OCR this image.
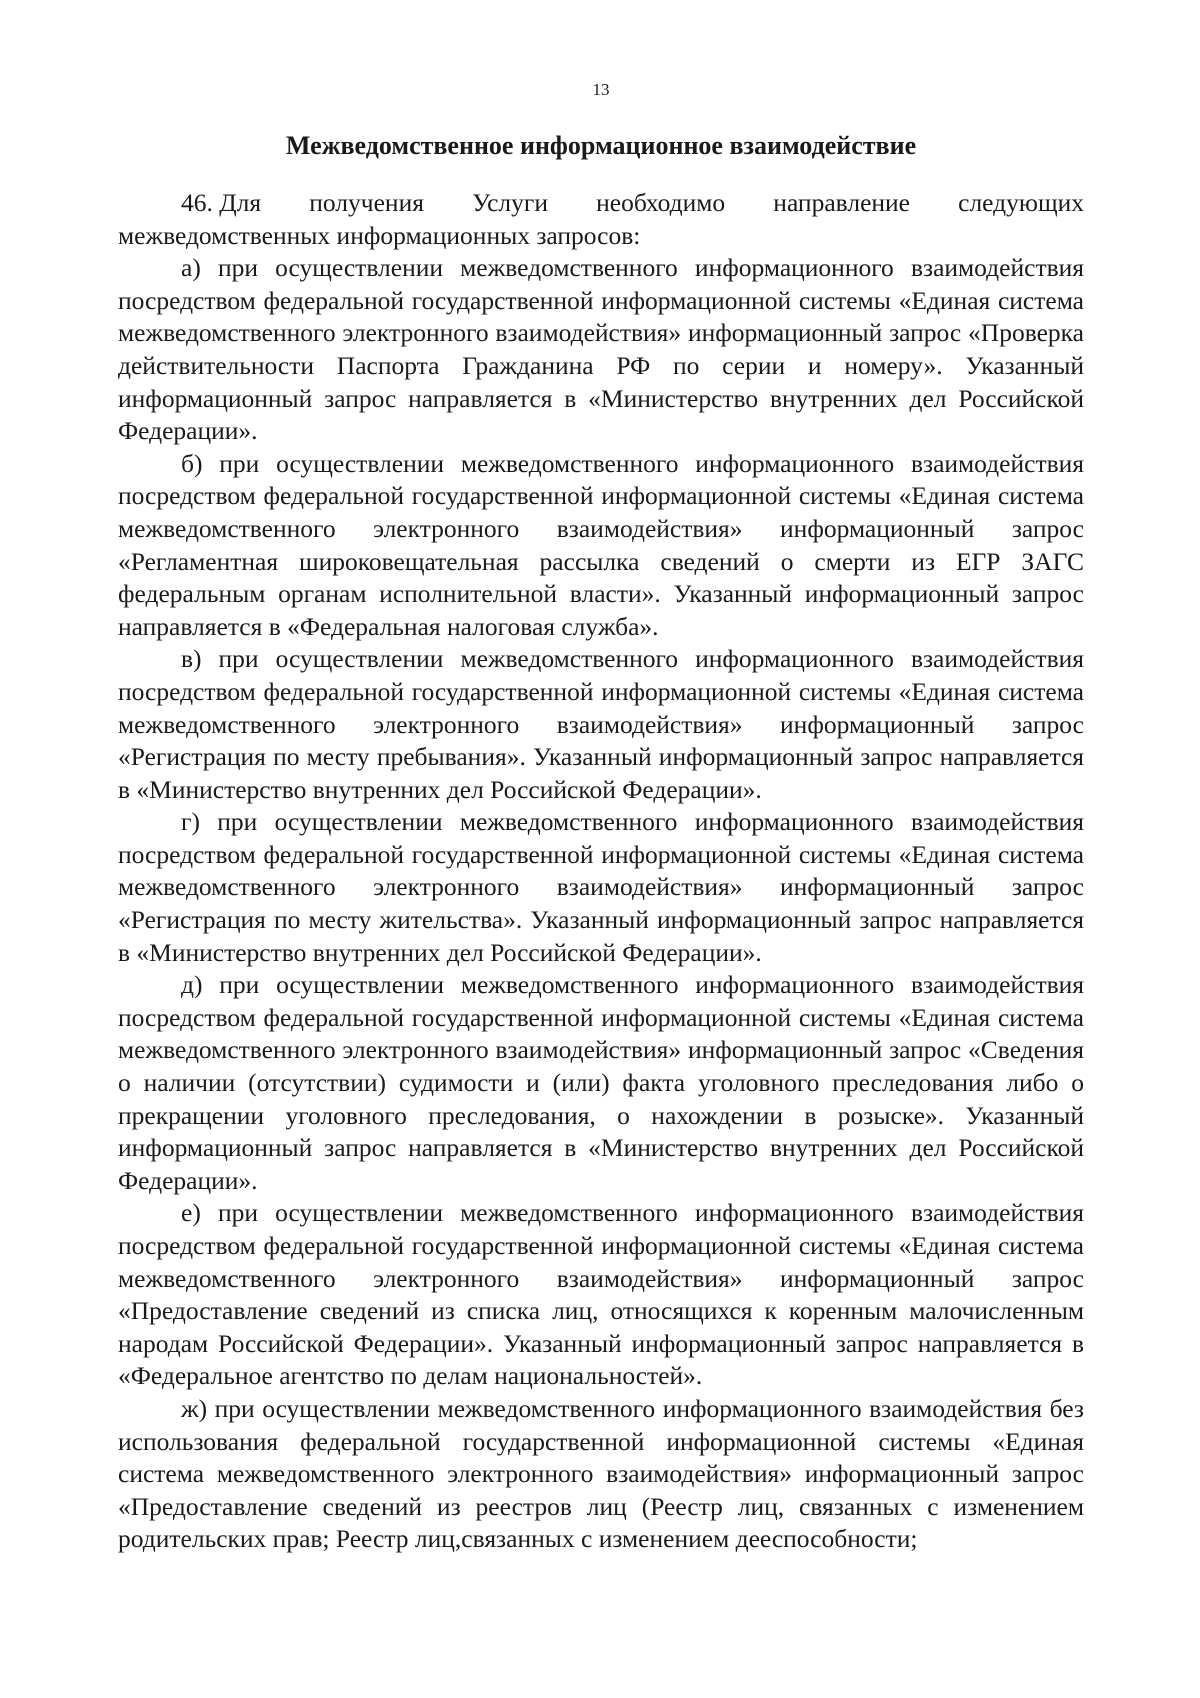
13
Межведомственное информационное взаимодействие
46. Для получения Услуги необходимо направление следующих
межведомственных информационных запросов:

а) при осуществлении межведомственного информационного взаимодействия посредством федеральной государственной информационной системы «Единая система межведомственного электронного взаимодействия» информационный запрос «Проверка действительности Паспорта Гражданина РФ по серии и номеру». Указанный информационный запрос направляется в «Министерство внутренних дел Российской Федерации».

б) при осуществлении межведомственного информационного взаимодействия посредством федеральной государственной информационной системы «Единая система межведомственного электронного взаимодействия» информационный запрос «Регламентная широковещательная рассылка сведений о смерти из ЕГР ЗАГС федеральным органам исполнительной власти». Указанный информационный запрос направляется в «Федеральная налоговая служба».

в) при осуществлении межведомственного информационного взаимодействия посредством федеральной государственной информационной системы «Единая система межведомственного электронного взаимодействия» информационный запрос «Регистрация по месту пребывания». Указанный информационный запрос направляется в «Министерство внутренних дел Российской Федерации».

г) при осуществлении межведомственного информационного взаимодействия посредством федеральной государственной информационной системы «Единая система межведомственного электронного взаимодействия» информационный запрос «Регистрация по месту жительства». Указанный информационный запрос направляется в «Министерство внутренних дел Российской Федерации».

д) при осуществлении межведомственного информационного взаимодействия посредством федеральной государственной информационной системы «Единая система межведомственного электронного взаимодействия» информационный запрос «Сведения о наличии (отсутствии) судимости и (или) факта уголовного преследования либо о прекращении уголовного преследования, о нахождении в розыске». Указанный информационный запрос направляется в «Министерство внутренних дел Российской Федерации».

е) при осуществлении межведомственного информационного взаимодействия посредством федеральной государственной информационной системы «Единая система межведомственного электронного взаимодействия» информационный запрос «Предоставление сведений из списка лиц, относящихся к коренным малочисленным народам Российской Федерации». Указанный информационный запрос направляется в «Федеральное агентство по делам национальностей».

ж) при осуществлении межведомственного информационного взаимодействия без использования федеральной государственной информационной системы «Единая система межведомственного электронного взаимодействия» информационный запрос «Предоставление сведений из реестров лиц (Реестр лиц, связанных с изменением родительских прав; Реестр лиц,связанных с изменением дееспособности;
